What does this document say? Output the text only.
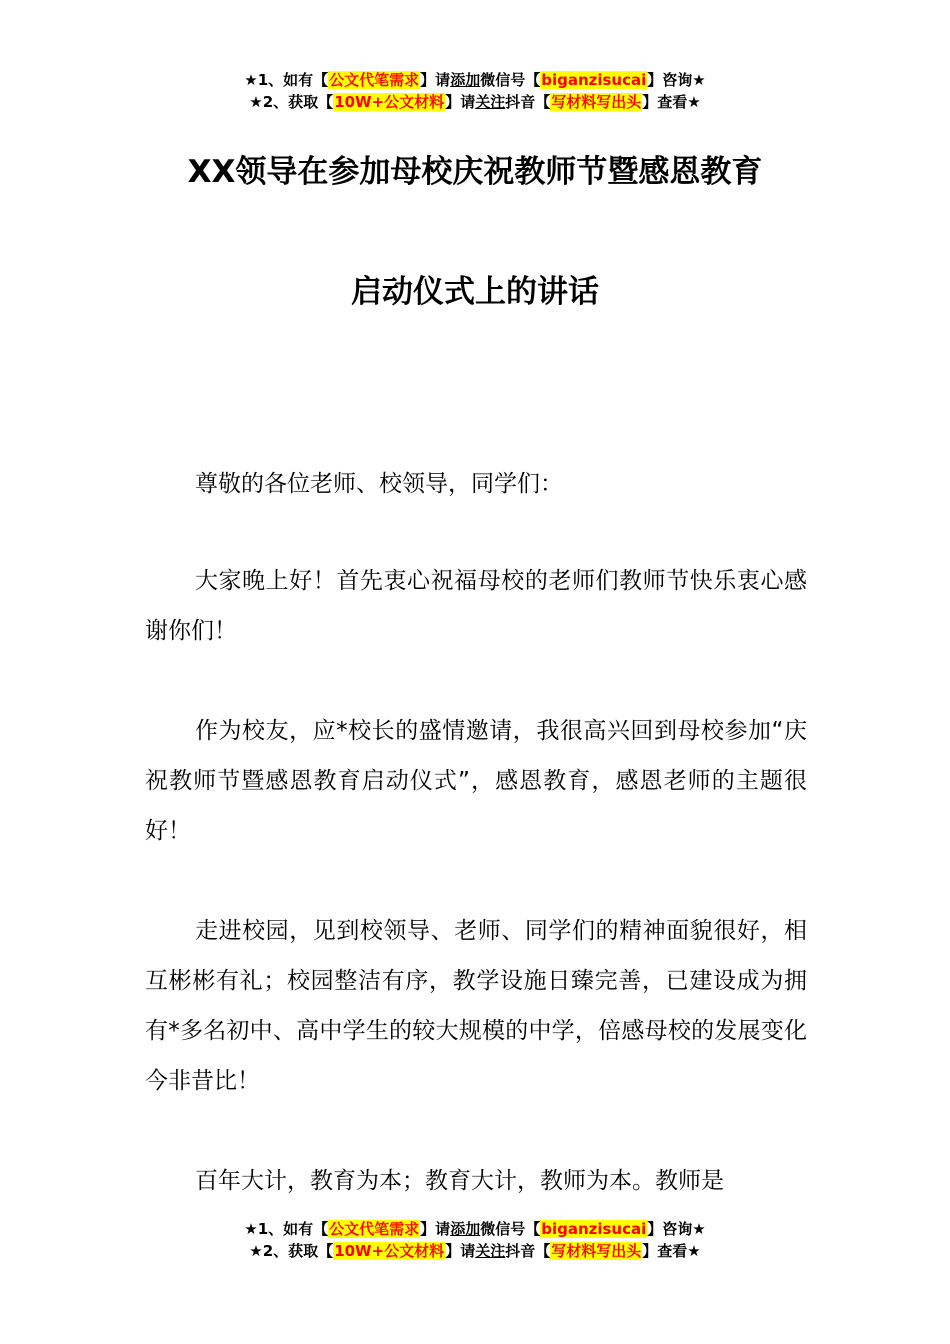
★1、如有【公文代笔需求】请添加微信号【biganzisucai】咨询★
★2、获取【10W+公文材料】请关注抖音【写材料写出头】查看★
XX领导在参加母校庆祝教师节暨感恩教育
启动仪式上的讲话

尊敬的各位老师、校领导，同学们：

大家晚上好！首先衷心祝福母校的老师们教师节快乐衷心感谢你们！

作为校友，应*校长的盛情邀请，我很高兴回到母校参加“庆祝教师节暨感恩教育启动仪式”，感恩教育，感恩老师的主题很好！

走进校园，见到校领导、老师、同学们的精神面貌很好，相互彬彬有礼；校园整洁有序，教学设施日臻完善，已建设成为拥有*多名初中、高中学生的较大规模的中学，倍感母校的发展变化今非昔比！

百年大计，教育为本；教育大计，教师为本。教师是

★1、如有【公文代笔需求】请添加微信号【biganzisucai】咨询★
★2、获取【10W+公文材料】请关注抖音【写材料写出头】查看★
